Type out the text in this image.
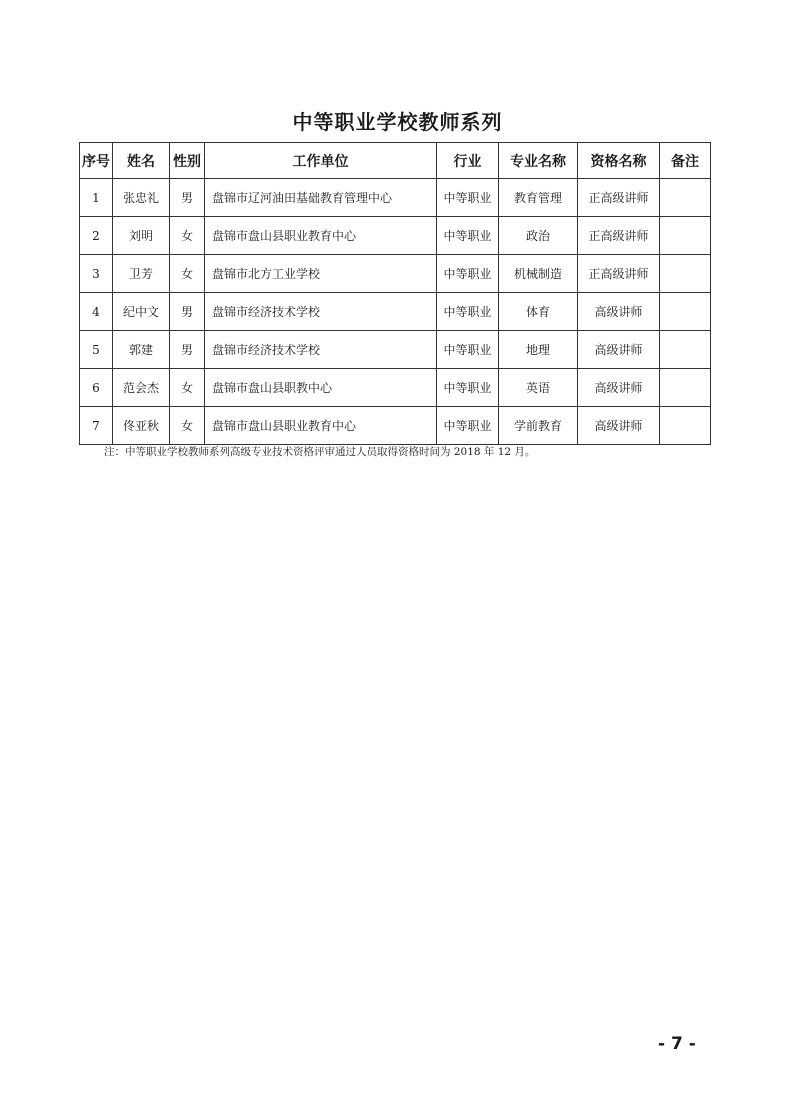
中等职业学校教师系列
序号	姓名	性别	工作单位	行业	专业名称	资格名称	备注
1	张忠礼	男	盘锦市辽河油田基础教育管理中心	中等职业	教育管理	正高级讲师	
2	刘明	女	盘锦市盘山县职业教育中心	中等职业	政治	正高级讲师	
3	卫芳	女	盘锦市北方工业学校	中等职业	机械制造	正高级讲师	
4	纪中文	男	盘锦市经济技术学校	中等职业	体育	高级讲师	
5	郭建	男	盘锦市经济技术学校	中等职业	地理	高级讲师	
6	范会杰	女	盘锦市盘山县职教中心	中等职业	英语	高级讲师	
7	佟亚秋	女	盘锦市盘山县职业教育中心	中等职业	学前教育	高级讲师	
注：中等职业学校教师系列高级专业技术资格评审通过人员取得资格时间为 2018 年 12 月。
- 7 -
